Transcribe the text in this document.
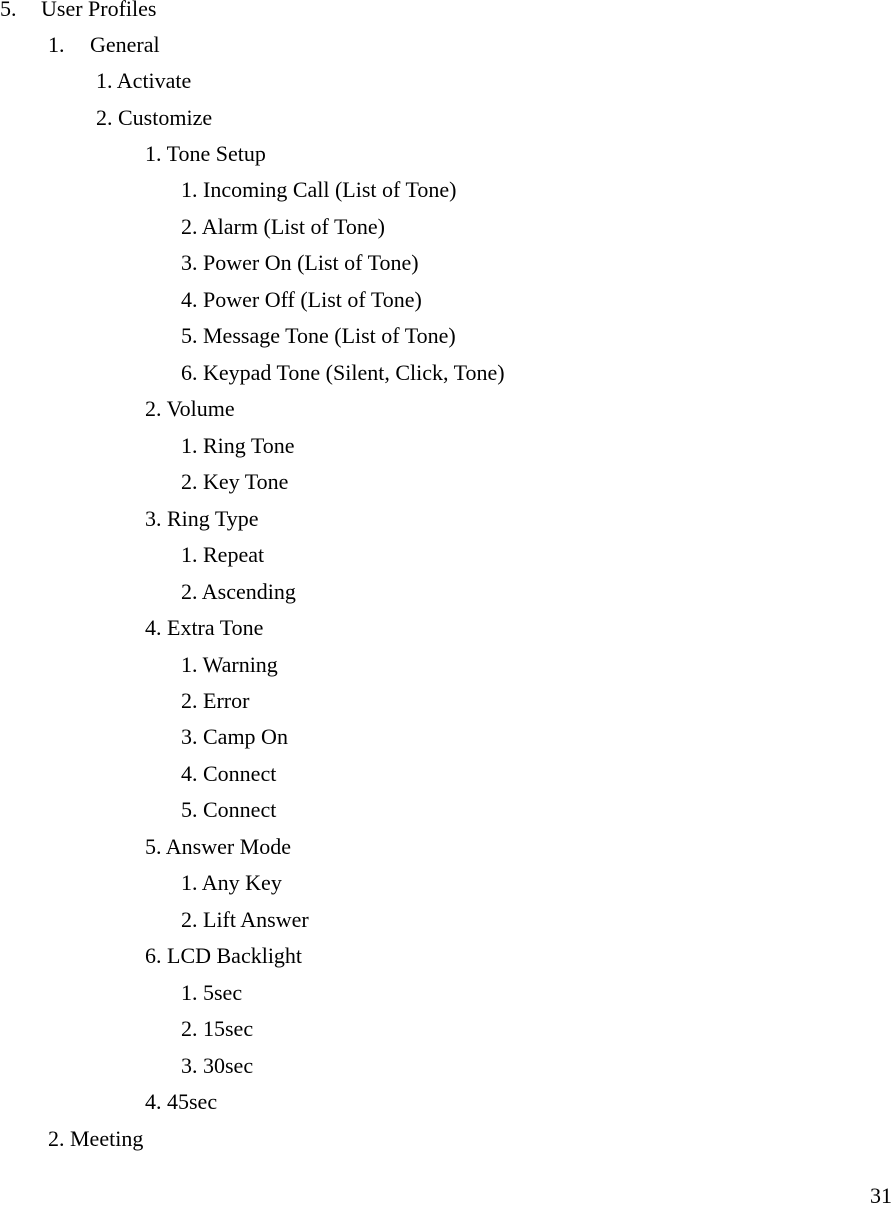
5. User Profiles
1. General
1. Activate
2. Customize
1. Tone Setup
1. Incoming Call (List of Tone)
2. Alarm (List of Tone)
3. Power On (List of Tone)
4. Power Off (List of Tone)
5. Message Tone (List of Tone)
6. Keypad Tone (Silent, Click, Tone)
2. Volume
1. Ring Tone
2. Key Tone
3. Ring Type
1. Repeat
2. Ascending
4. Extra Tone
1. Warning
2. Error
3. Camp On
4. Connect
5. Connect
5. Answer Mode
1. Any Key
2. Lift Answer
6. LCD Backlight
1. 5sec
2. 15sec
3. 30sec
4. 45sec
2. Meeting
31
